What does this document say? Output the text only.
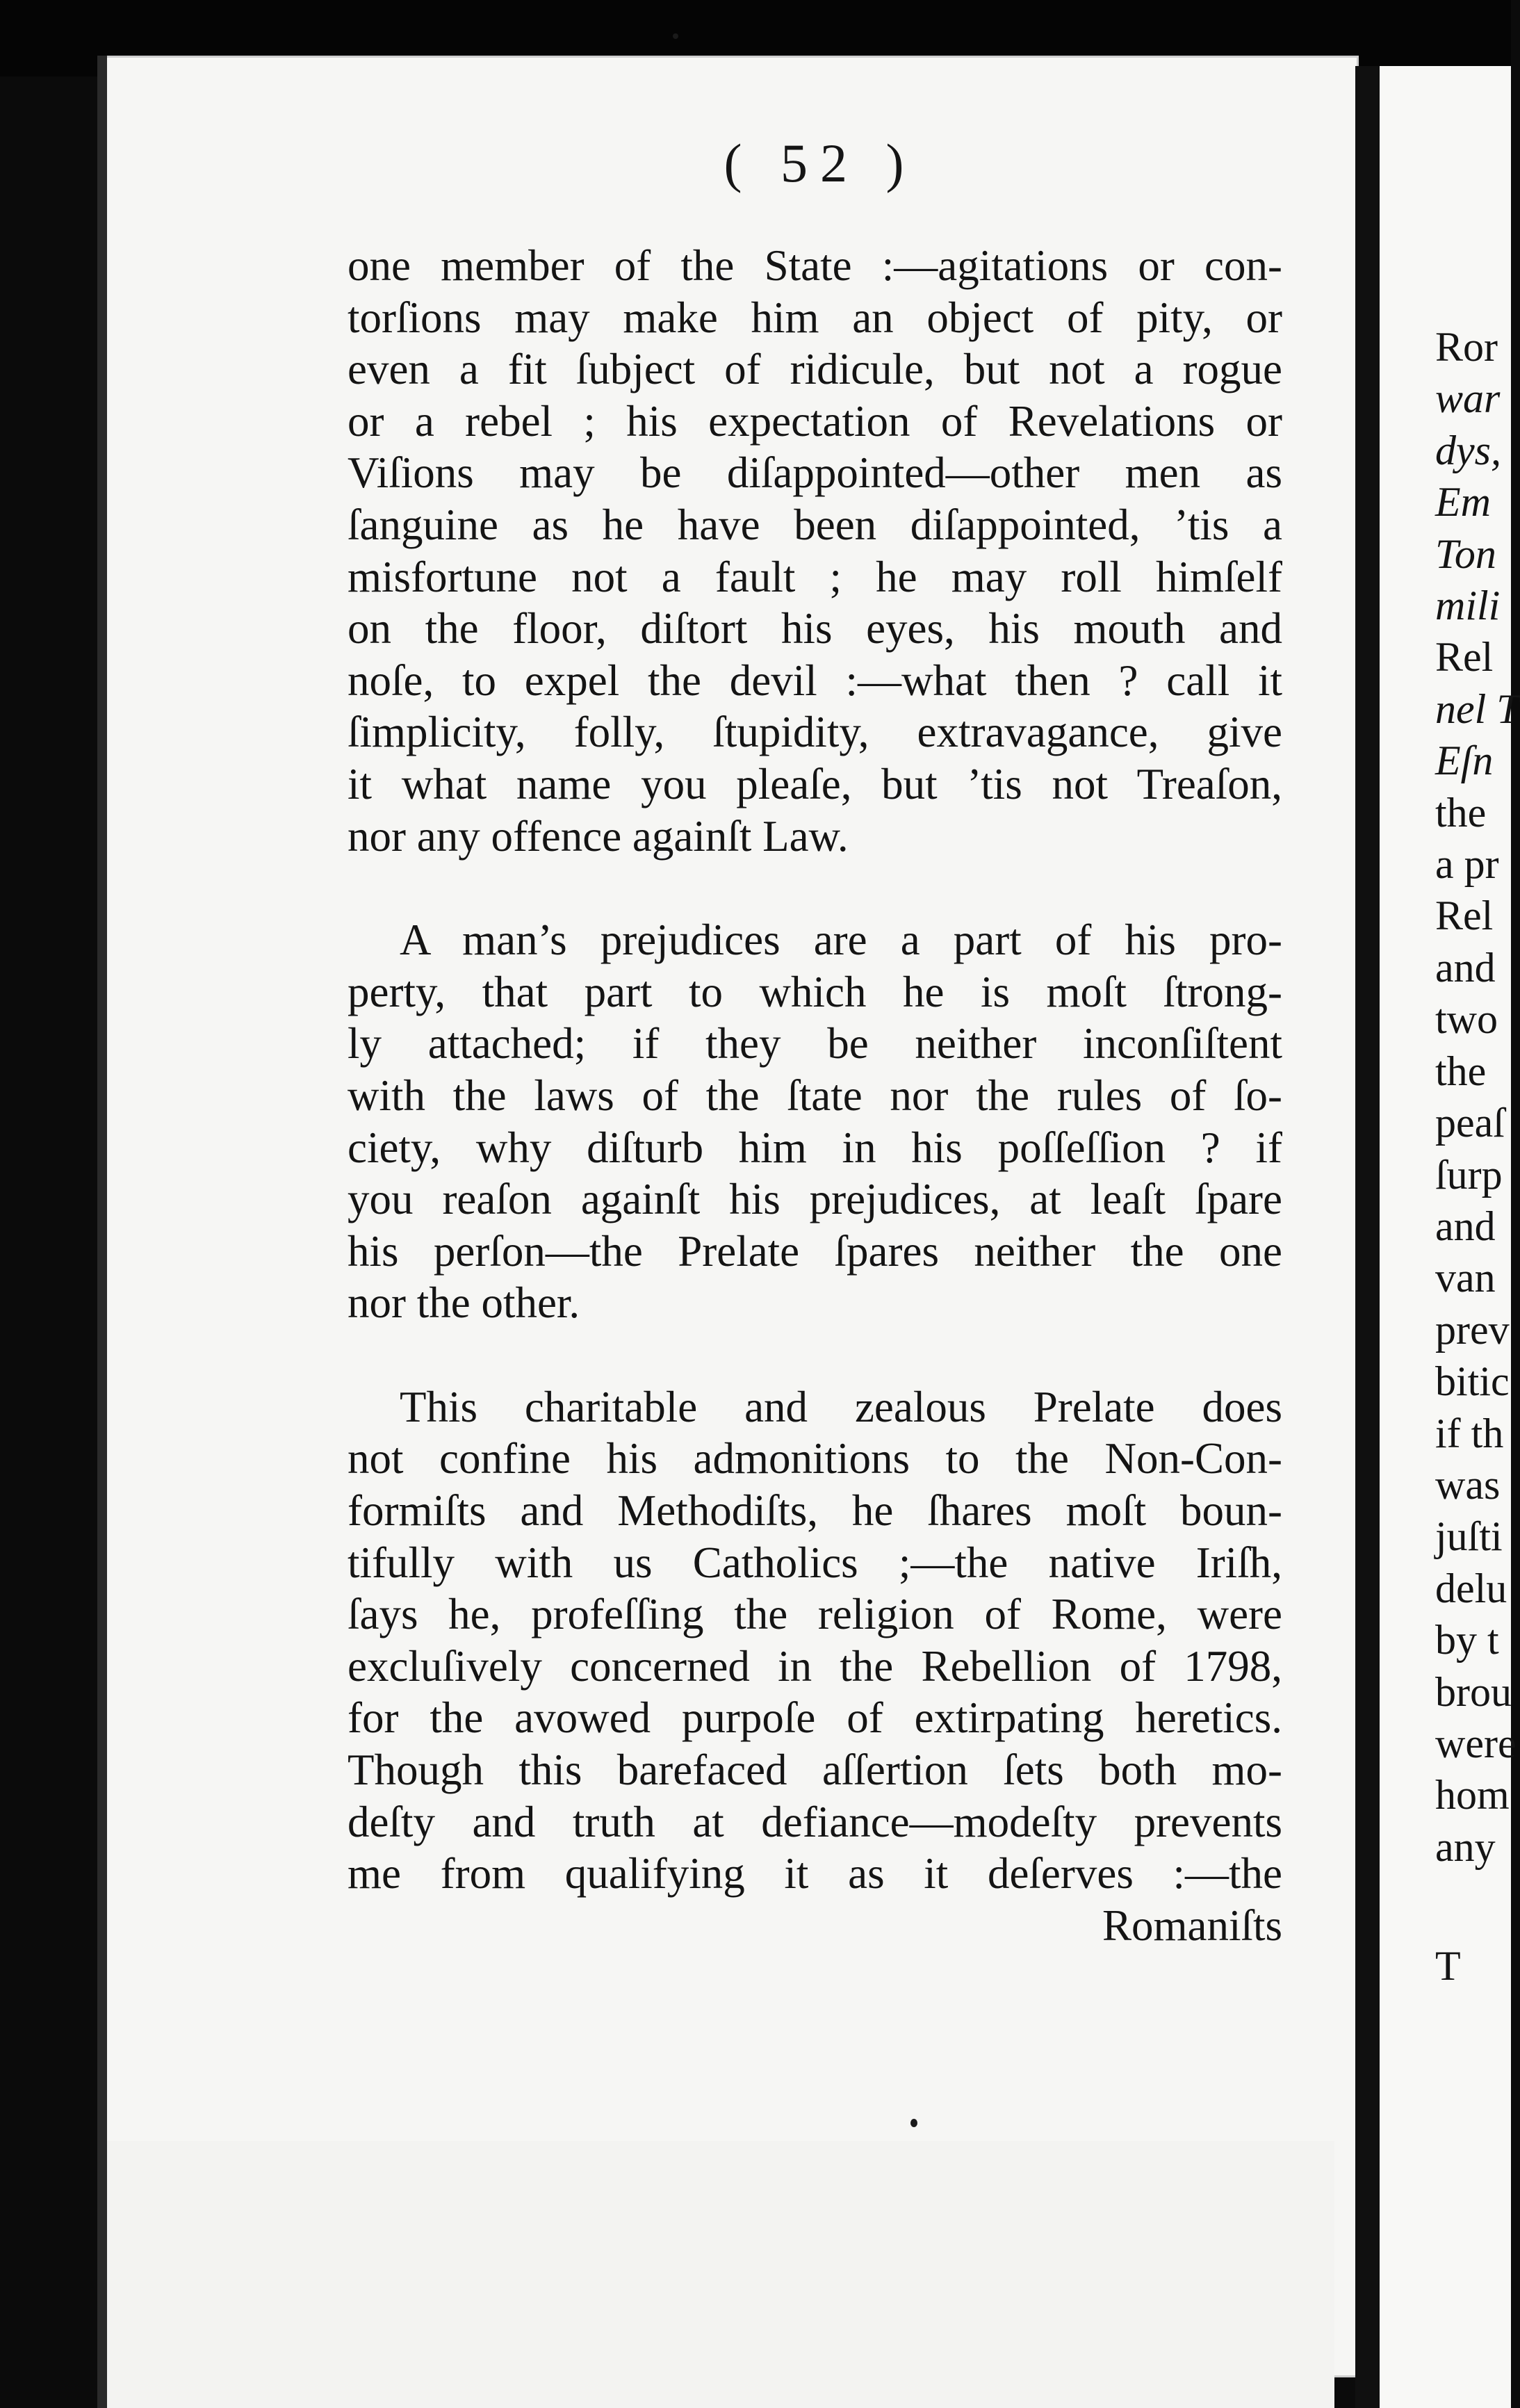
( 52 )
one member of the State :—agitations or con-
torſions may make him an object of pity, or
even a fit ſubject of ridicule, but not a rogue
or a rebel ; his expectation of Revelations or
Viſions may be diſappointed—other men as
ſanguine as he have been diſappointed, ’tis a
misfortune not a fault ; he may roll himſelf
on the floor, diſtort his eyes, his mouth and
noſe, to expel the devil :—what then ? call it
ſimplicity, folly, ſtupidity, extravagance, give
it what name you pleaſe, but ’tis not Treaſon,
nor any offence againſt Law.
A man’s prejudices are a part of his pro-
perty, that part to which he is moſt ſtrong-
ly attached; if they be neither inconſiſtent
with the laws of the ſtate nor the rules of ſo-
ciety, why diſturb him in his poſſeſſion ? if
you reaſon againſt his prejudices, at leaſt ſpare
his perſon—the Prelate ſpares neither the one
nor the other.
This charitable and zealous Prelate does
not confine his admonitions to the Non-Con-
formiſts and Methodiſts, he ſhares moſt boun-
tifully with us Catholics ;—the native Iriſh,
ſays he, profeſſing the religion of Rome, were
excluſively concerned in the Rebellion of 1798,
for the avowed purpoſe of extirpating heretics.
Though this barefaced aſſertion ſets both mo-
deſty and truth at defiance—modeſty prevents
me from qualifying it as it deſerves :—the
Romaniſts
Ror
war
dys,
Em
Ton
mili
Rel
nel T
Eſn
the
a pr
Rel
and
two
the
peaſ
ſurp
and
van
prev
bitic
if th
was
juſti
delu
by t
brou
were
hom
any
T
